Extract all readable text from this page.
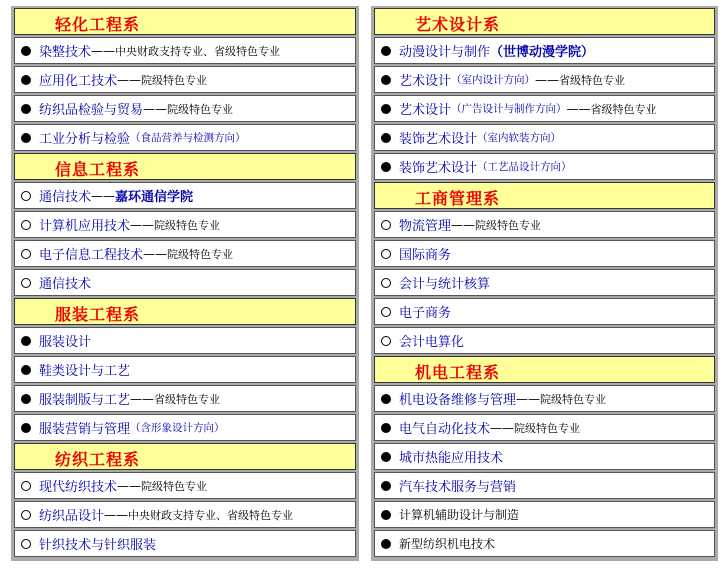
轻化工程系
染整技术 —— 中央财政支持专业、省级特色专业
应用化工技术 —— 院级特色专业
纺织品检验与贸易 —— 院级特色专业
工业分析与检验 （食品营养与检测方向）
信息工程系
通信技术 —— 嘉环通信学院
计算机应用技术 —— 院级特色专业
电子信息工程技术 —— 院级特色专业
通信技术
服装工程系
服装设计
鞋类设计与工艺
服装制版与工艺 —— 省级特色专业
服装营销与管理 （含形象设计方向）
纺织工程系
现代纺织技术 —— 院级特色专业
纺织品设计 —— 中央财政支持专业、省级特色专业
针织技术与针织服装
艺术设计系
动漫设计与制作 （世博动漫学院）
艺术设计 （室内设计方向） —— 省级特色专业
艺术设计 （广告设计与制作方向） —— 省级特色专业
装饰艺术设计 （室内软装方向）
装饰艺术设计 （工艺品设计方向）
工商管理系
物流管理 —— 院级特色专业
国际商务
会计与统计核算
电子商务
会计电算化
机电工程系
机电设备维修与管理 —— 院级特色专业
电气自动化技术 —— 院级特色专业
城市热能应用技术
汽车技术服务与营销
计算机辅助设计与制造
新型纺织机电技术
